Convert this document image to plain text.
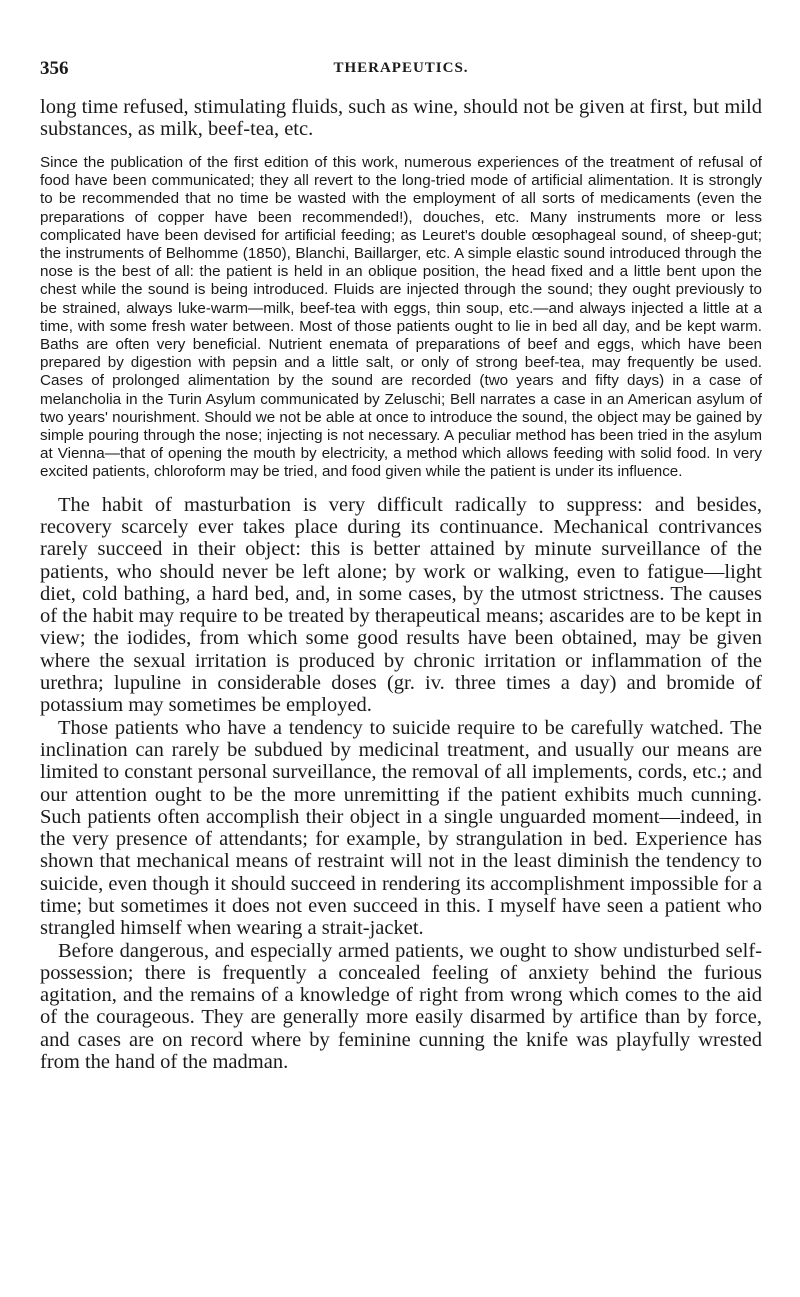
356	THERAPEUTICS.

long time refused, stimulating fluids, such as wine, should not be given at first, but mild substances, as milk, beef-tea, etc.

Since the publication of the first edition of this work, numerous experiences of the treatment of refusal of food have been communicated; they all revert to the long-tried mode of artificial alimentation. It is strongly to be recommended that no time be wasted with the employment of all sorts of medicaments (even the preparations of copper have been recommended!), douches, etc. Many instruments more or less complicated have been devised for artificial feeding; as Leuret's double œsophageal sound, of sheep-gut; the instruments of Belhomme (1850), Blanchi, Baillarger, etc. A simple elastic sound introduced through the nose is the best of all: the patient is held in an oblique position, the head fixed and a little bent upon the chest while the sound is being introduced. Fluids are injected through the sound; they ought previously to be strained, always luke-warm—milk, beef-tea with eggs, thin soup, etc.—and always injected a little at a time, with some fresh water between. Most of those patients ought to lie in bed all day, and be kept warm. Baths are often very beneficial. Nutrient enemata of preparations of beef and eggs, which have been prepared by digestion with pepsin and a little salt, or only of strong beef-tea, may frequently be used. Cases of prolonged alimentation by the sound are recorded (two years and fifty days) in a case of melancholia in the Turin Asylum communicated by Zeluschi; Bell narrates a case in an American asylum of two years' nourishment. Should we not be able at once to introduce the sound, the object may be gained by simple pouring through the nose; injecting is not necessary. A peculiar method has been tried in the asylum at Vienna—that of opening the mouth by electricity, a method which allows feeding with solid food. In very excited patients, chloroform may be tried, and food given while the patient is under its influence.

The habit of masturbation is very difficult radically to suppress: and besides, recovery scarcely ever takes place during its continuance. Mechanical contrivances rarely succeed in their object: this is better attained by minute surveillance of the patients, who should never be left alone; by work or walking, even to fatigue—light diet, cold bathing, a hard bed, and, in some cases, by the utmost strictness. The causes of the habit may require to be treated by therapeutical means; ascarides are to be kept in view; the iodides, from which some good results have been obtained, may be given where the sexual irritation is produced by chronic irritation or inflammation of the urethra; lupuline in considerable doses (gr. iv. three times a day) and bromide of potassium may sometimes be employed.

Those patients who have a tendency to suicide require to be carefully watched. The inclination can rarely be subdued by medicinal treatment, and usually our means are limited to constant personal surveillance, the removal of all implements, cords, etc.; and our attention ought to be the more unremitting if the patient exhibits much cunning. Such patients often accomplish their object in a single unguarded moment—indeed, in the very presence of attendants; for example, by strangulation in bed. Experience has shown that mechanical means of restraint will not in the least diminish the tendency to suicide, even though it should succeed in rendering its accomplishment impossible for a time; but sometimes it does not even succeed in this. I myself have seen a patient who strangled himself when wearing a strait-jacket.

Before dangerous, and especially armed patients, we ought to show undisturbed self-possession; there is frequently a concealed feeling of anxiety behind the furious agitation, and the remains of a knowledge of right from wrong which comes to the aid of the courageous. They are generally more easily disarmed by artifice than by force, and cases are on record where by feminine cunning the knife was playfully wrested from the hand of the madman.
